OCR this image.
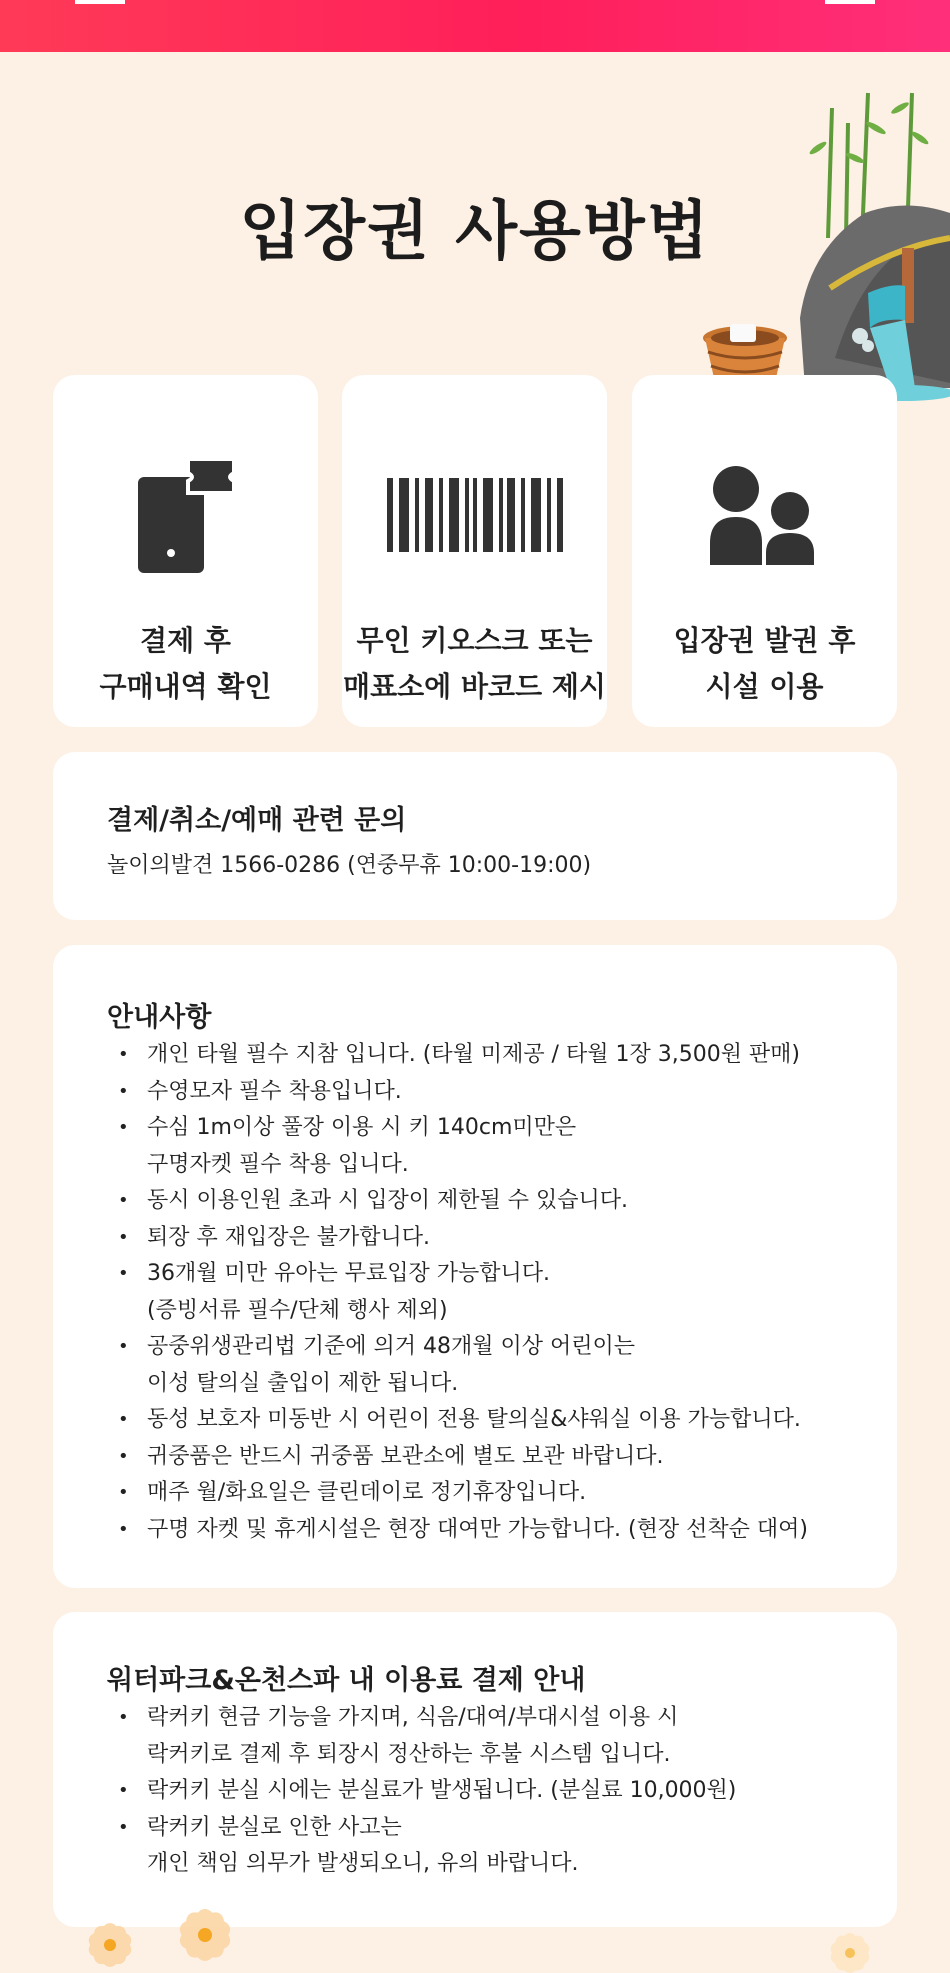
입장권 사용방법
결제 후
구매내역 확인
무인 키오스크 또는
매표소에 바코드 제시
입장권 발권 후
시설 이용
결제/취소/예매 관련 문의
놀이의발견 1566-0286 (연중무휴 10:00-19:00)
안내사항
• 개인 타월 필수 지참 입니다. (타월 미제공 / 타월 1장 3,500원 판매)
• 수영모자 필수 착용입니다.
• 수심 1m이상 풀장 이용 시 키 140cm미만은
구명자켓 필수 착용 입니다.
• 동시 이용인원 초과 시 입장이 제한될 수 있습니다.
• 퇴장 후 재입장은 불가합니다.
• 36개월 미만 유아는 무료입장 가능합니다.
(증빙서류 필수/단체 행사 제외)
• 공중위생관리법 기준에 의거 48개월 이상 어린이는
이성 탈의실 출입이 제한 됩니다.
• 동성 보호자 미동반 시 어린이 전용 탈의실&샤워실 이용 가능합니다.
• 귀중품은 반드시 귀중품 보관소에 별도 보관 바랍니다.
• 매주 월/화요일은 클린데이로 정기휴장입니다.
• 구명 자켓 및 휴게시설은 현장 대여만 가능합니다. (현장 선착순 대여)
워터파크&온천스파 내 이용료 결제 안내
• 락커키 현금 기능을 가지며, 식음/대여/부대시설 이용 시
락커키로 결제 후 퇴장시 정산하는 후불 시스템 입니다.
• 락커키 분실 시에는 분실료가 발생됩니다. (분실료 10,000원)
• 락커키 분실로 인한 사고는
개인 책임 의무가 발생되오니, 유의 바랍니다.
